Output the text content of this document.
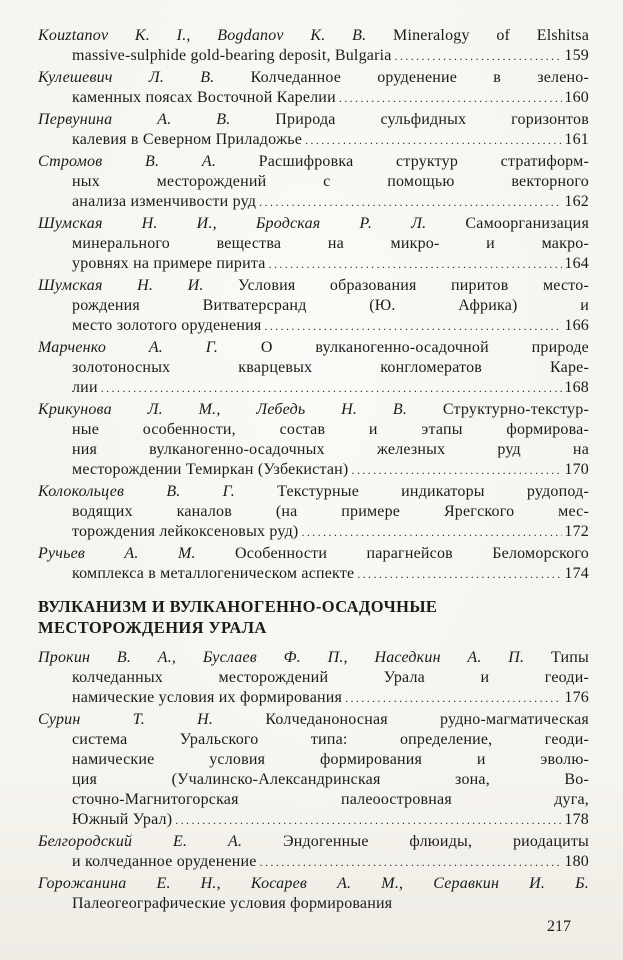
Kouztanov K. I., Bogdanov K. B. Mineralogy of Elshitsa
massive-sulphide gold-bearing deposit, Bulgaria .....	159
Кулешевич Л. В. Колчеданное оруденение в зелено-
каменных поясах Восточной Карелии .....	160
Первунина А. В. Природа сульфидных горизонтов
калевия в Северном Приладожье .....	161
Стромов В. А. Расшифровка структур стратиформ-
ных месторождений с помощью векторного
анализа изменчивости руд .....	162
Шумская Н. И., Бродская Р. Л. Самоорганизация
минерального вещества на микро- и макро-
уровнях на примере пирита .....	164
Шумская Н. И. Условия образования пиритов место-
рождения Витватерсранд (Ю. Африка) и
место золотого оруденения .....	166
Марченко А. Г. О вулканогенно-осадочной природе
золотоносных кварцевых конгломератов Каре-
лии .....	168
Крикунова Л. М., Лебедь Н. В. Структурно-текстур-
ные особенности, состав и этапы формирова-
ния вулканогенно-осадочных железных руд на
месторождении Темиркан (Узбекистан) .....	170
Колокольцев В. Г. Текстурные индикаторы рудопод-
водящих каналов (на примере Ярегского мес-
торождения лейкоксеновых руд) .....	172
Ручьев А. М. Особенности парагнейсов Беломорского
комплекса в металлогеническом аспекте .....	174
ВУЛКАНИЗМ И ВУЛКАНОГЕННО-ОСАДОЧНЫЕ
МЕСТОРОЖДЕНИЯ УРАЛА
Прокин В. А., Буслаев Ф. П., Наседкин А. П. Типы
колчеданных месторождений Урала и геоди-
намические условия их формирования .....	176
Сурин Т. Н. Колчеданоносная рудно-магматическая
система Уральского типа: определение, геоди-
намические условия формирования и эволю-
ция (Учалинско-Александринская зона, Во-
сточно-Магнитогорская палеоостровная дуга,
Южный Урал) .....	178
Белгородский Е. А. Эндогенные флюиды, риодациты
и колчеданное оруденение .....	180
Горожанина Е. Н., Косарев А. М., Серавкин И. Б.
Палеогеографические условия формирования
217
